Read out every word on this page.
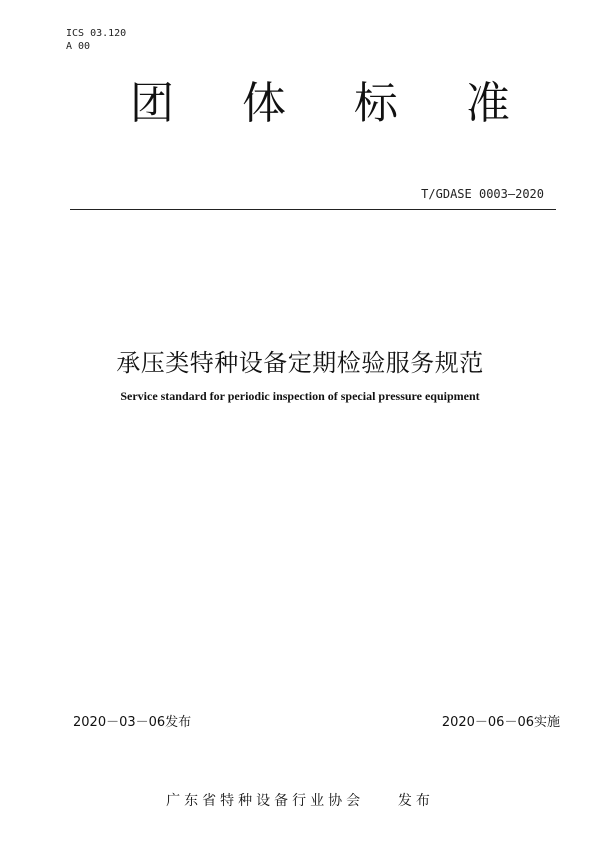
ICS 03.120
A 00
团 体 标 准
T/GDASE 0003—2020
承压类特种设备定期检验服务规范
Service standard for periodic inspection of special pressure equipment
2020－03－06发布	2020－06－06实施
广东省特种设备行业协会    发布
